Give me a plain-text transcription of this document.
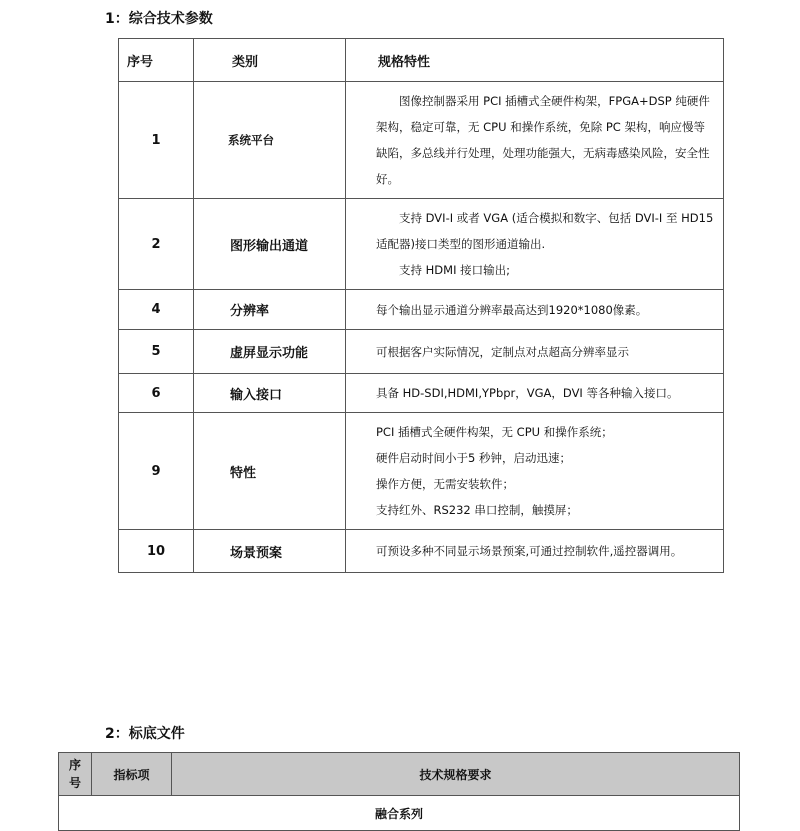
1：综合技术参数
序号	类别	规格特性
1	系统平台	图像控制器采用 PCI 插槽式全硬件构架，FPGA+DSP 纯硬件
架构，稳定可靠，无 CPU 和操作系统，免除 PC 架构，响应慢等
缺陷，多总线并行处理，处理功能强大，无病毒感染风险，安全性
好。

2	图形输出通道	支持 DVI-I 或者 VGA (适合模拟和数字、包括 DVI-I 至 HD15
适配器)接口类型的图形通道输出.
支持 HDMI 接口输出;

4	分辨率	每个输出显示通道分辨率最高达到1920*1080像素。

5	虚屏显示功能	可根据客户实际情况，定制点对点超高分辨率显示

6	输入接口	具备 HD-SDI,HDMI,YPbpr，VGA，DVI 等各种输入接口。

9	特性	PCI 插槽式全硬件构架，无 CPU 和操作系统；
硬件启动时间小于5 秒钟，启动迅速；
操作方便，无需安装软件；
支持红外、RS232 串口控制，触摸屏；

10	场景预案	可预设多种不同显示场景预案,可通过控制软件,遥控器调用。
2：标底文件
序号	指标项	技术规格要求
融合系列
